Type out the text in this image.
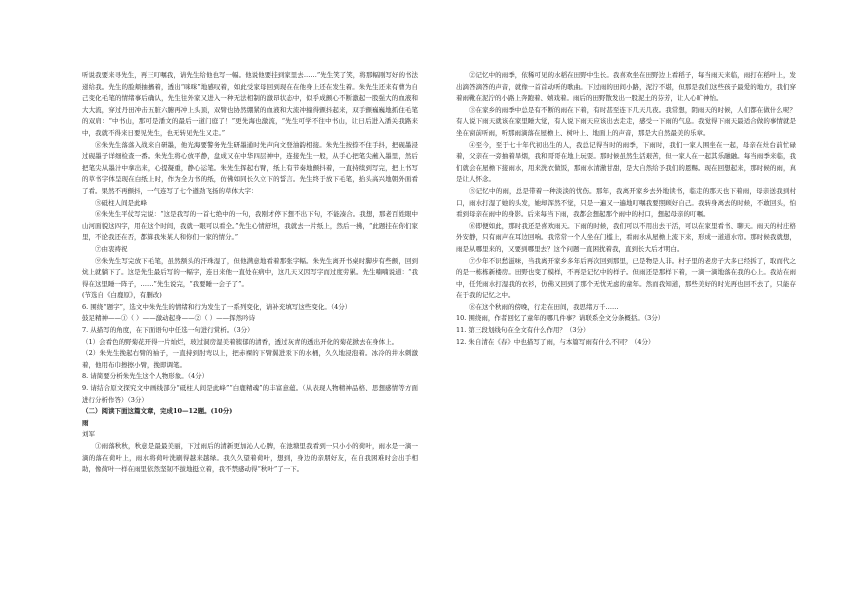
听说我要来寻先生，再三叮嘱我，请先生给他也写一幅。他说他要挂到家里去……”先生笑了笑，将那幅刚写好的书法递给我。先生的脸颊抽搐着，透出“咪咪”地感叹着，如此受家母回到现在在他身上还在发生着。朱先生还来有曹为自己变化毛笔的情绪事后确认，先生往外家又进入一种无法相制的激昂状态中，似乎成颤心不断激起一股强大的血液和大大流，穿过丹田冲击五脏六腑再冲上头顶，双臂也协然绷紧的血液和大流冲撞得颤抖起来，双手颤巍巍地抓住毛笔的双肩：“中书山，那可是潘文的最后一道门庭了！”更先海也激流，“先生可学不往中书山，让日后进入潘关我路来中，我就不得来日要见先生，也无转见先生又走。”

⑧朱先生落落入战来自研墨，他光海要警务先生研墨通时先声向文登油韵相接。朱先生按捺不住手抖，把砚墨浸过砚墨子详细检查一番。朱先生将心放平静，盘成又在中华四层神中，连接先生一般，从手心把笔尖蘸入墨里，然后把笔尖从墨汁中拿出来，心提凝重，静心运笔。朱先生挥起右臂，纸上有节奏地颤抖着，一直持续到写完，把上书写的草书字体呈现在白纸上时，作为全力书的纸，仿佛如同长久立下的誓言。先生终于放下毛笔，抬头高兴地朝外面看了看。果然不再颤抖，一气连写了七个遒劲飞扬的草体大字：

⑤砥柱人间是此峰

⑥朱先生平仗写完说：“这是我写的一首七绝中的一句，我刚才停下想不出下句，不能凑合。我想，那老百姓眼中山河面貌这四字，用在这个时间，我就一眼可以看全。”先生心情舒坦，我就去一片纸上，然后一拂，“此题挂在你们家里，不论我还在否，都算我朱某人和你们一家的情分。”

⑦由衷祷祝

⑨朱先生写完放下毛笔，虽然额头的汗珠湿了，但他满意地看着那张字幅。朱先生离开书桌时脚步有些颤，回到炕上就躺下了。这是先生最后写的一幅字，连日来他一直处在病中，这几天又因写字而过度劳累。先生喃喃说道：“我得在这里睡一阵子，……”先生说完，“我要睡一会子了”。

(节选自《白鹿原》，有删改)

6. 围绕“题字”，选文中朱先生的情绪和行为发生了一系列变化，请补充填写这些变化。（4分）

鼓足精神——①（ ）——激动起身——②（ ）——挥然吟诗

7. 从描写的角度，在下面语句中任选一句进行赏析。（3分）

（1）会看色的野菊花开得一片灿烂，玻过洞房湿美着簇郁的清香，透过灰青的透出开化的菊花掀去在身体上。

（2）朱先生挽起右臂的袖子，一直持到肘弯以上，把赤裸的下臂翼进汞下的水桶，久久地浸泡着。冰冷的井水刺激着，他用布巾擦擦小臂，挽即调笔。

8. 请简要分析朱先生这个人物形象。（4分）

9. 请结合原文探究文中画线部分“砥柱人间是此峰”“白鹿精魂”的丰富意蕴。（从表现人物精神品格、思想感情等方面进行分析作答）（3分）

（二）阅读下面这篇文章，完成10—12题。(10分)

雨

刘军

①雨落秋秋，秋意是最最美丽，下过雨后的清新更加沁人心脾，在池塘里我看到一只小小的荷叶，雨水是一滴一滴的落在荷叶上，雨水将荷叶洗刷得越来越绿。我久久望着荷叶，想到，身边的亲朋好友，在自我困难时会出手相助，像荷叶一样在雨里依然坚韧不拔地挺立着，我不禁感动得“秋叶”了一下。

②记忆中的雨季，依稀可见的水稻在田野中生长。我喜欢坐在田野边上看稻子，每当雨天来临，雨打在稻叶上，发出滴答滴答的声音，就像一首首动听的歌曲。下过雨的田间小路，泥泞不堪，但那是我们这些孩子最爱的地方，我们穿着雨靴在泥泞的小路上奔跑着、嬉戏着。雨后的田野散发出一股泥土的芬芳，让人心旷神怡。

③在家乡的雨季中总是有不断的雨在下着，有时甚至连下几天几夜。我常想，阴雨天的时候，人们都在做什么呢？有人说下雨天就该在家里睡大觉，有人说下雨天应该出去走走，感受一下雨的气息。我觉得下雨天最适合做的事情就是坐在窗前听雨，听那雨滴落在屋檐上、树叶上、地面上的声音，那是大自然最美的乐章。

④至今，至于七十年代初出生的人，我总记得当时的雨季，下雨时，我们一家人围坐在一起，母亲在灶台前忙碌着，父亲在一旁抽着旱烟，我和哥哥在地上玩耍。那时候虽然生活艰苦，但一家人在一起其乐融融。每当雨季来临，我们就会在屋檐下接雨水，用来洗衣做饭，那雨水清澈甘甜，是大自然给予我们的恩赐。现在回想起来，那时候的雨，真是让人怀念。

⑤记忆中的雨，总是带着一种淡淡的忧伤。那年，我离开家乡去外地读书，临走的那天也下着雨，母亲送我到村口，雨水打湿了她的头发，她却浑然不觉，只是一遍又一遍地叮嘱我要照顾好自己。我转身离去的时候，不敢回头，怕看到母亲在雨中的身影。后来每当下雨，我都会想起那个雨中的村口，想起母亲的叮嘱。

⑥即便如此，那时我还是喜欢雨天。下雨的时候，我们可以不用出去干活，可以在家里看书、聊天。雨天的村庄格外安静，只有雨声在耳边回响。我常常一个人坐在门槛上，看雨水从屋檐上流下来，形成一道道水帘。那时候我就想，雨是从哪里来的，又要到哪里去？这个问题一直困扰着我，直到长大后才明白。

⑦少年不识愁滋味，当我离开家乡多年后再次回到那里，已是物是人非。村子里的老房子大多已经拆了，取而代之的是一栋栋新楼房。田野也变了模样，不再是记忆中的样子。但雨还是那样下着，一滴一滴地落在我的心上。我站在雨中，任凭雨水打湿我的衣衫，仿佛又回到了那个无忧无虑的童年。然而我知道，那些美好的时光再也回不去了，只能存在于我的记忆之中。

⑧在这个秋雨的傍晚，行走在田间，我思绪万千……

10. 围绕雨，作者回忆了童年的哪几件事？请联系全文分条概括。（3分）

11. 第三段划线句在全文有什么作用？（3分）

12. 朱自清在《春》中也描写了雨，与本篇写雨有什么不同？（4分）
